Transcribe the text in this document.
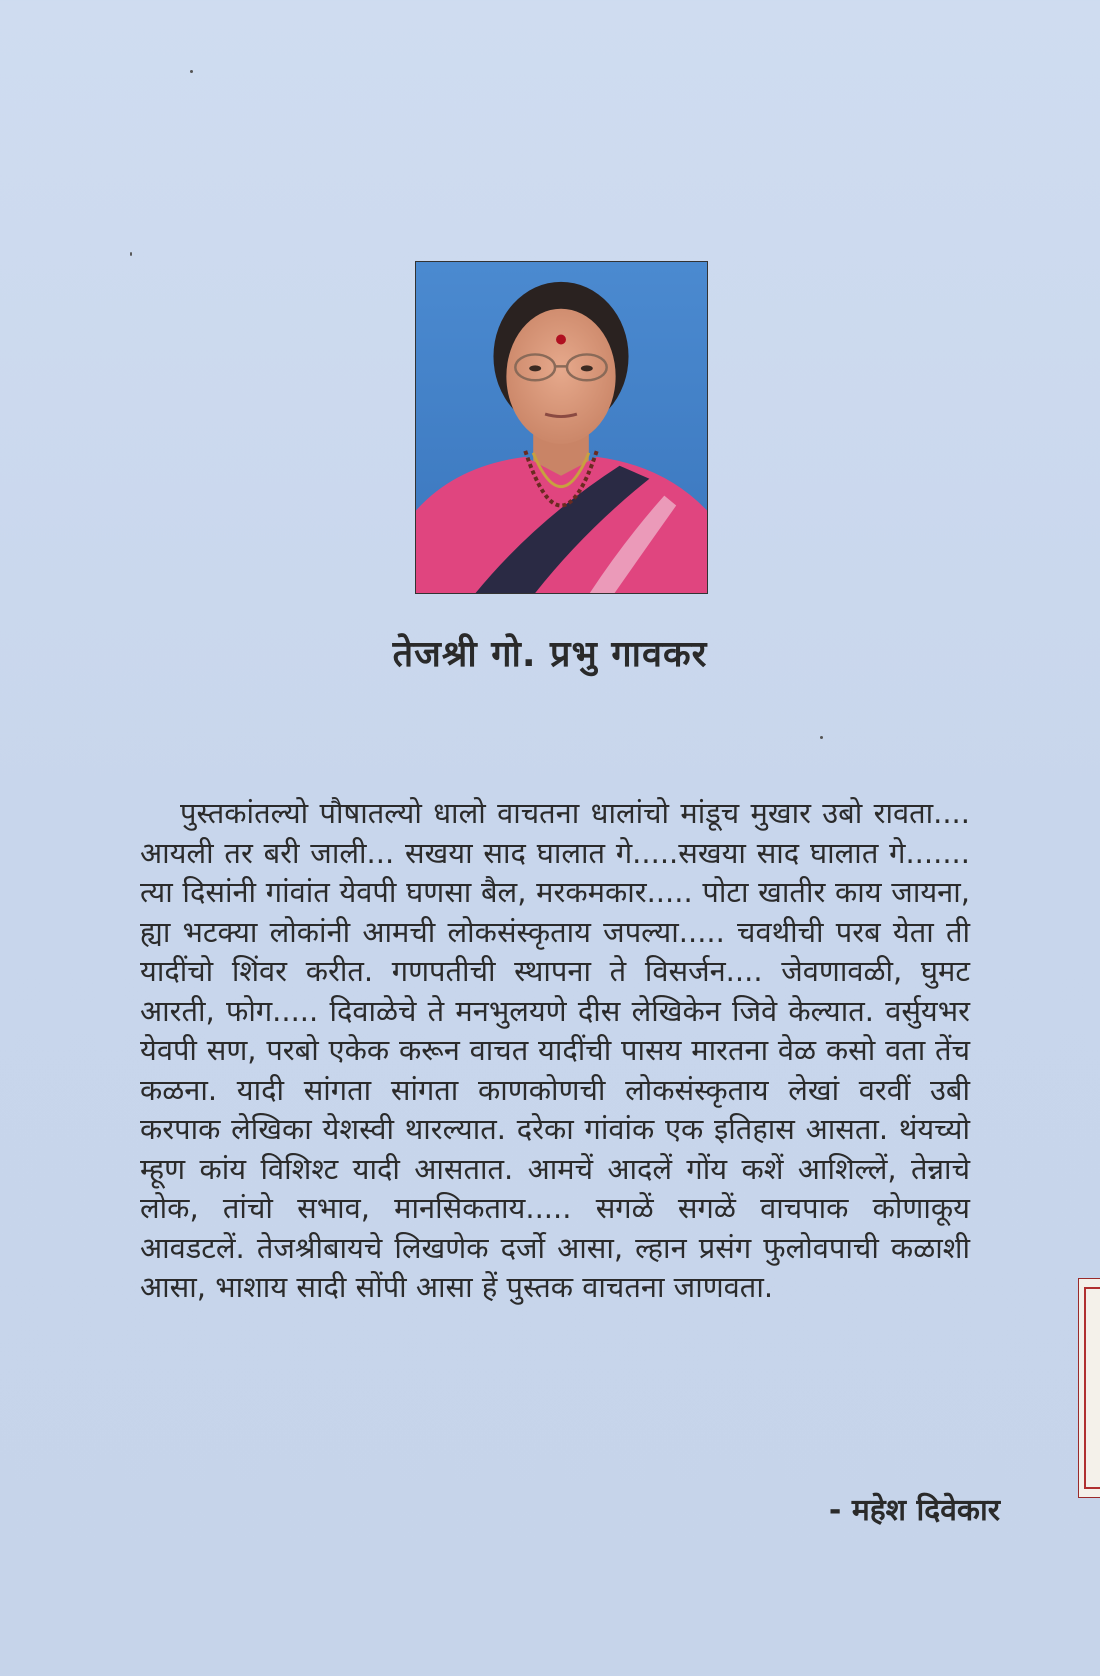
तेजश्री गो. प्रभु गावकर

पुस्तकांतल्यो पौषातल्यो धालो वाचतना धालांचो मांडूच मुखार उबो रावता.... आयली तर बरी जाली... सखया साद घालात गे.....सखया साद घालात गे....... त्या दिसांनी गांवांत येवपी घणसा बैल, मरकमकार..... पोटा खातीर काय जायना, ह्या भटक्या लोकांनी आमची लोकसंस्कृताय जपल्या..... चवथीची परब येता ती यादींचो शिंवर करीत. गणपतीची स्थापना ते विसर्जन.... जेवणावळी, घुमट आरती, फोग..... दिवाळेचे ते मनभुलयणे दीस लेखिकेन जिवे केल्यात. वर्सुयभर येवपी सण, परबो एकेक करून वाचत यादींची पासय मारतना वेळ कसो वता तेंच कळना. यादी सांगता सांगता काणकोणची लोकसंस्कृताय लेखां वरवीं उबी करपाक लेखिका येशस्वी थारल्यात. दरेका गांवांक एक इतिहास आसता. थंयच्यो म्हूण कांय विशिश्ट यादी आसतात. आमचें आदलें गोंय कशें आशिल्लें, तेन्नाचे लोक, तांचो सभाव, मानसिकताय..... सगळें सगळें वाचपाक कोणाकूय आवडटलें. तेजश्रीबायचे लिखणेक दर्जो आसा, ल्हान प्रसंग फुलोवपाची कळाशी आसा, भाशाय सादी सोंपी आसा हें पुस्तक वाचतना जाणवता.

- महेश दिवेकार
